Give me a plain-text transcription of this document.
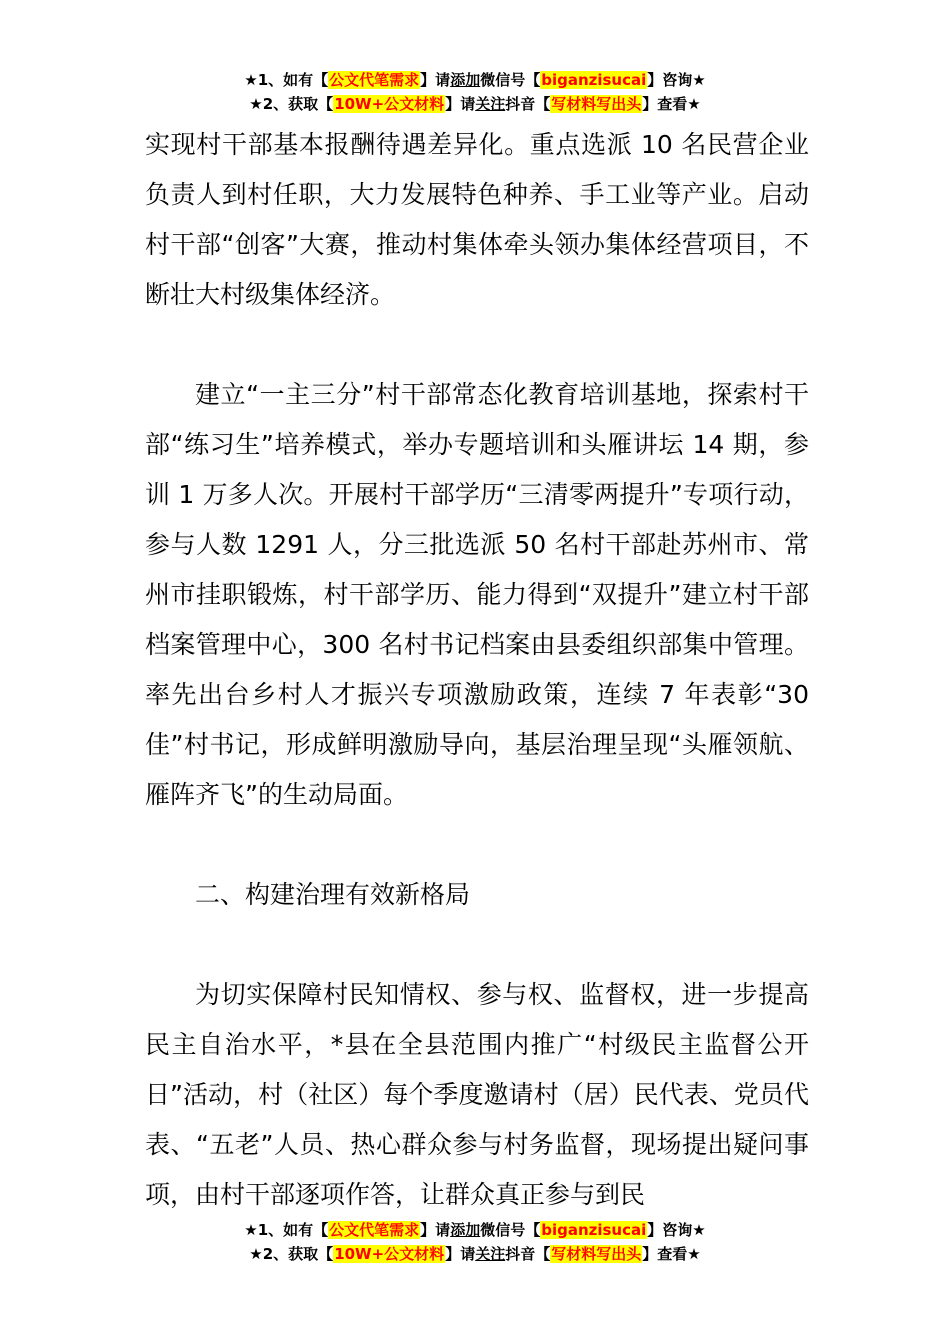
★1、如有【公文代笔需求】请添加微信号【biganzisucai】咨询★
★2、获取【10W+公文材料】请关注抖音【写材料写出头】查看★

实现村干部基本报酬待遇差异化。重点选派 10 名民营企业负责人到村任职，大力发展特色种养、手工业等产业。启动村干部“创客”大赛，推动村集体牵头领办集体经营项目，不断壮大村级集体经济。

建立“一主三分”村干部常态化教育培训基地，探索村干部“练习生”培养模式，举办专题培训和头雁讲坛 14 期，参训 1 万多人次。开展村干部学历“三清零两提升”专项行动，参与人数 1291 人，分三批选派 50 名村干部赴苏州市、常州市挂职锻炼，村干部学历、能力得到“双提升”建立村干部档案管理中心，300 名村书记档案由县委组织部集中管理。率先出台乡村人才振兴专项激励政策，连续 7 年表彰“30 佳”村书记，形成鲜明激励导向，基层治理呈现“头雁领航、雁阵齐飞”的生动局面。

二、构建治理有效新格局

为切实保障村民知情权、参与权、监督权，进一步提高民主自治水平，*县在全县范围内推广“村级民主监督公开日”活动，村（社区）每个季度邀请村（居）民代表、党员代表、“五老”人员、热心群众参与村务监督，现场提出疑问事项，由村干部逐项作答，让群众真正参与到民

★1、如有【公文代笔需求】请添加微信号【biganzisucai】咨询★
★2、获取【10W+公文材料】请关注抖音【写材料写出头】查看★
